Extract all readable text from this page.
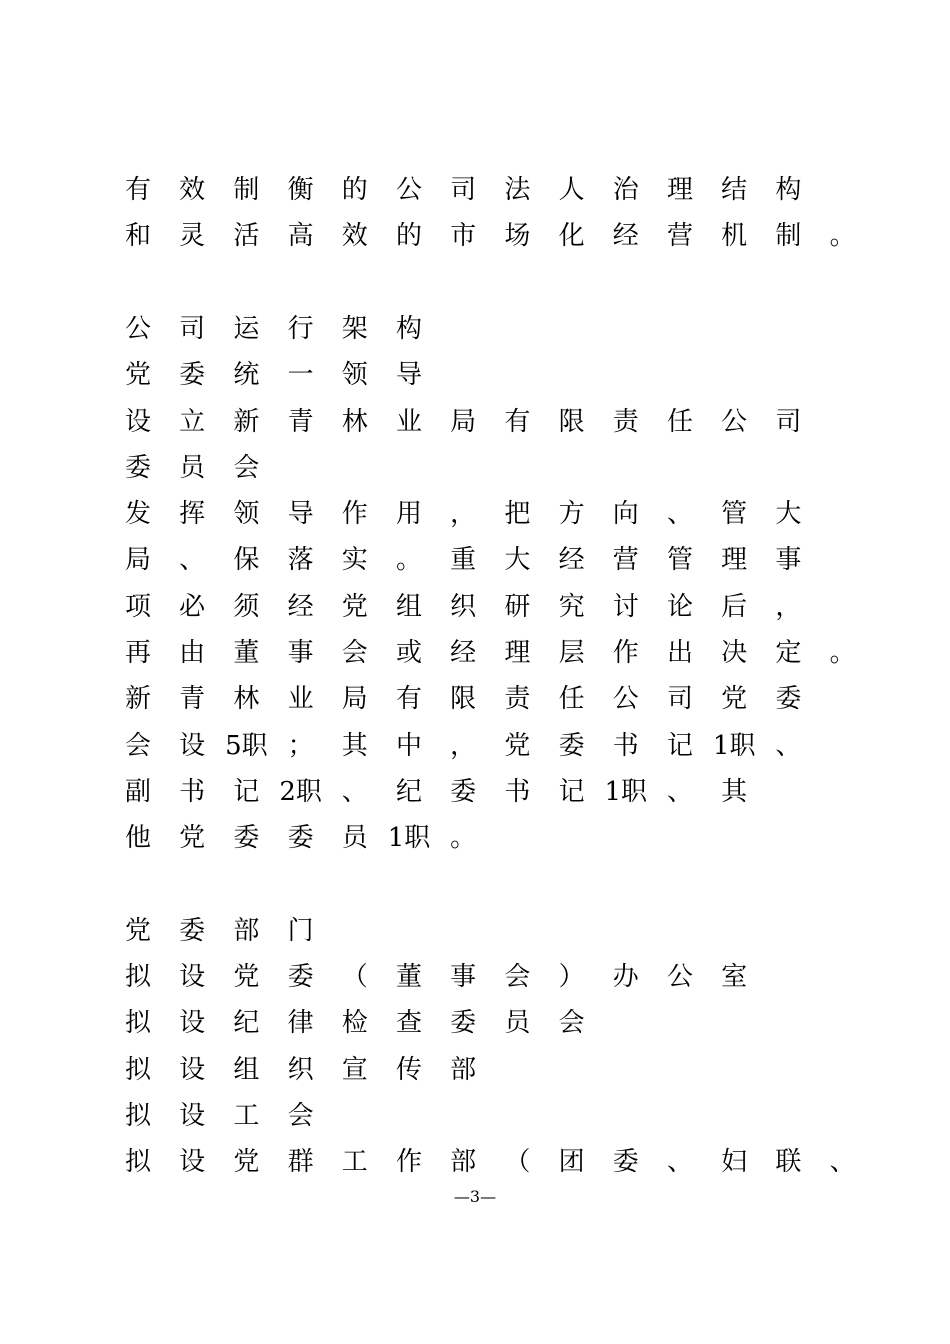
有 效 制 衡 的 公 司 法 人 治 理 结 构
和 灵 活 高 效 的 市 场 化 经 营 机 制 。
公 司 运 行 架 构
党 委 统 一 领 导
设 立 新 青 林 业 局 有 限 责 任 公 司
委 员 会
发 挥 领 导 作 用 ， 把 方 向 、 管 大
局 、 保 落 实 。 重 大 经 营 管 理 事
项 必 须 经 党 组 织 研 究 讨 论 后 ，
再 由 董 事 会 或 经 理 层 作 出 决 定 。
新 青 林 业 局 有 限 责 任 公 司 党 委
会 设 5职 ； 其 中 ， 党 委 书 记 1职 、
副 书 记 2职 、 纪 委 书 记 1职 、 其
他 党 委 委 员 1职 。
党 委 部 门
拟 设 党 委 （ 董 事 会 ） 办 公 室
拟 设 纪 律 检 查 委 员 会
拟 设 组 织 宣 传 部
拟 设 工 会
拟 设 党 群 工 作 部 （ 团 委 、 妇 联 、
—3—
